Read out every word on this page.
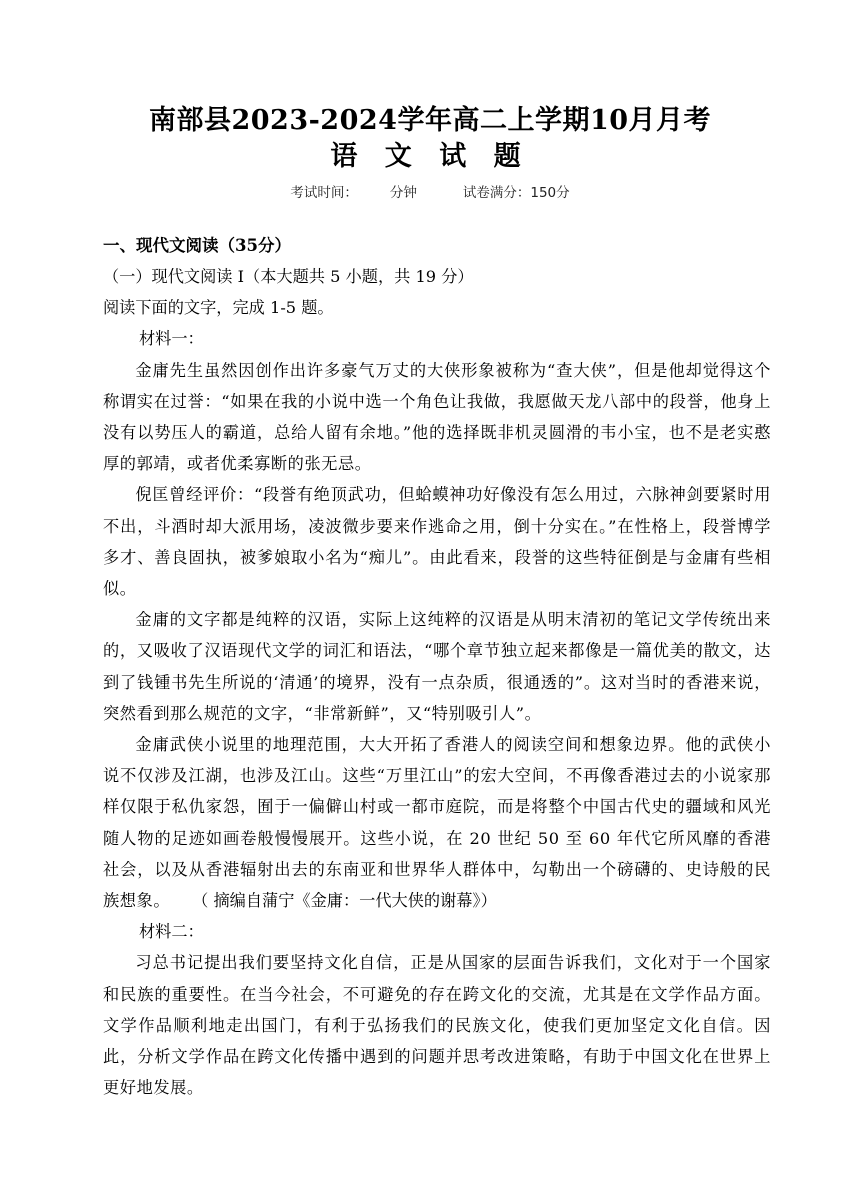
南部县2023-2024学年高二上学期10月月考
语 文 试 题
考试时间： 分钟	试卷满分：150分
一、现代文阅读（35分）
（一）现代文阅读 I（本大题共 5 小题，共 19 分）
阅读下面的文字，完成 1-5 题。
材料一：

金庸先生虽然因创作出许多豪气万丈的大侠形象被称为“查大侠”，但是他却觉得这个称谓实在过誉：“如果在我的小说中选一个角色让我做，我愿做天龙八部中的段誉，他身上没有以势压人的霸道，总给人留有余地。”他的选择既非机灵圆滑的韦小宝，也不是老实憨厚的郭靖，或者优柔寡断的张无忌。

倪匡曾经评价：“段誉有绝顶武功，但蛤蟆神功好像没有怎么用过，六脉神剑要紧时用不出，斗酒时却大派用场，凌波微步要来作逃命之用，倒十分实在。”在性格上，段誉博学多才、善良固执，被爹娘取小名为“痴儿”。由此看来，段誉的这些特征倒是与金庸有些相似。

金庸的文字都是纯粹的汉语，实际上这纯粹的汉语是从明末清初的笔记文学传统出来的，又吸收了汉语现代文学的词汇和语法，“哪个章节独立起来都像是一篇优美的散文，达到了钱锺书先生所说的‘清通’的境界，没有一点杂质，很通透的”。这对当时的香港来说，突然看到那么规范的文字，“非常新鲜”，又“特别吸引人”。

金庸武侠小说里的地理范围，大大开拓了香港人的阅读空间和想象边界。他的武侠小说不仅涉及江湖，也涉及江山。这些“万里江山”的宏大空间，不再像香港过去的小说家那样仅限于私仇家怨，囿于一偏僻山村或一都市庭院，而是将整个中国古代史的疆域和风光随人物的足迹如画卷般慢慢展开。这些小说，在 20 世纪 50 至 60 年代它所风靡的香港社会，以及从香港辐射出去的东南亚和世界华人群体中，勾勒出一个磅礴的、史诗般的民族想象。 （ 摘编自蒲宁《金庸：一代大侠的谢幕》）

材料二：

习总书记提出我们要坚持文化自信，正是从国家的层面告诉我们，文化对于一个国家和民族的重要性。在当今社会，不可避免的存在跨文化的交流，尤其是在文学作品方面。文学作品顺利地走出国门，有利于弘扬我们的民族文化，使我们更加坚定文化自信。因此，分析文学作品在跨文化传播中遇到的问题并思考改进策略，有助于中国文化在世界上更好地发展。
